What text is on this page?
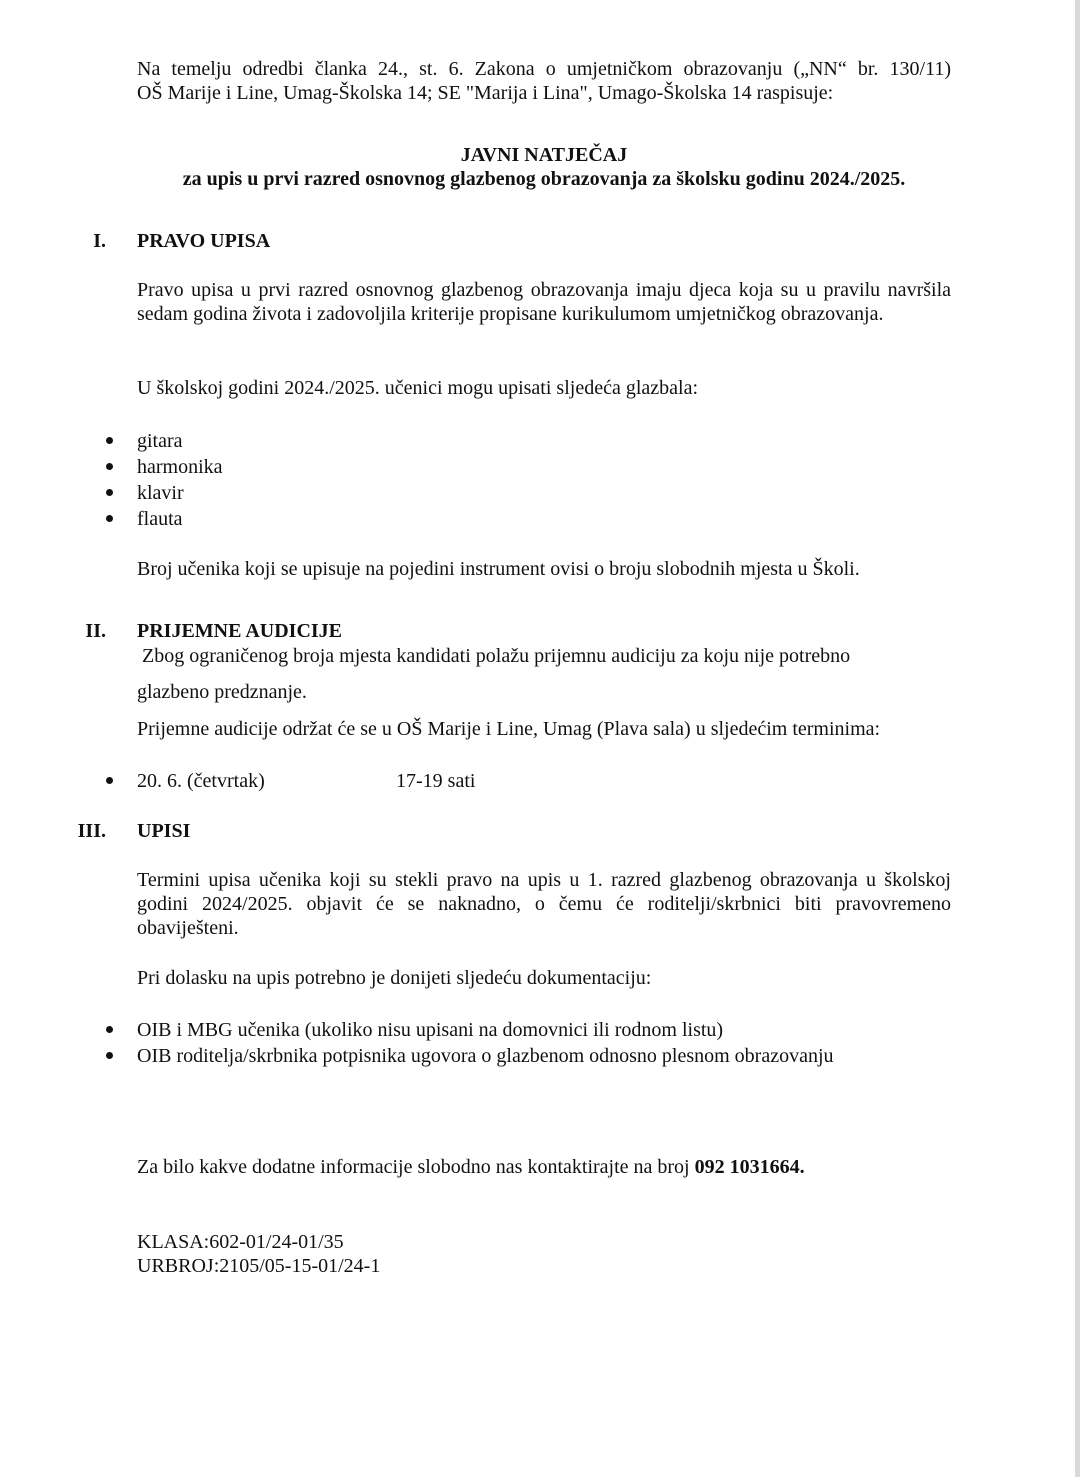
Na temelju odredbi članka 24., st. 6. Zakona o umjetničkom obrazovanju („NN“ br. 130/11)
OŠ Marije i Line, Umag-Školska 14; SE "Marija i Lina", Umago-Školska 14 raspisuje:
JAVNI NATJEČAJ
za upis u prvi razred osnovnog glazbenog obrazovanja za školsku godinu 2024./2025.
I. PRAVO UPISA
Pravo upisa u prvi razred osnovnog glazbenog obrazovanja imaju djeca koja su u pravilu navršila sedam godina života i zadovoljila kriterije propisane kurikulumom umjetničkog obrazovanja.
U školskoj godini 2024./2025. učenici mogu upisati sljedeća glazbala:
gitara
harmonika
klavir
flauta
Broj učenika koji se upisuje na pojedini instrument ovisi o broju slobodnih mjesta u Školi.
II. PRIJEMNE AUDICIJE
Zbog ograničenog broja mjesta kandidati polažu prijemnu audiciju za koju nije potrebno
glazbeno predznanje.
Prijemne audicije održat će se u OŠ Marije i Line, Umag (Plava sala) u sljedećim terminima:
20. 6. (četvrtak)	17-19 sati
III. UPISI
Termini upisa učenika koji su stekli pravo na upis u 1. razred glazbenog obrazovanja u školskoj godini 2024/2025. objavit će se naknadno, o čemu će roditelji/skrbnici biti pravovremeno obaviješteni.
Pri dolasku na upis potrebno je donijeti sljedeću dokumentaciju:
OIB i MBG učenika (ukoliko nisu upisani na domovnici ili rodnom listu)
OIB roditelja/skrbnika potpisnika ugovora o glazbenom odnosno plesnom obrazovanju
Za bilo kakve dodatne informacije slobodno nas kontaktirajte na broj 092 1031664.
KLASA:602-01/24-01/35
URBROJ:2105/05-15-01/24-1
